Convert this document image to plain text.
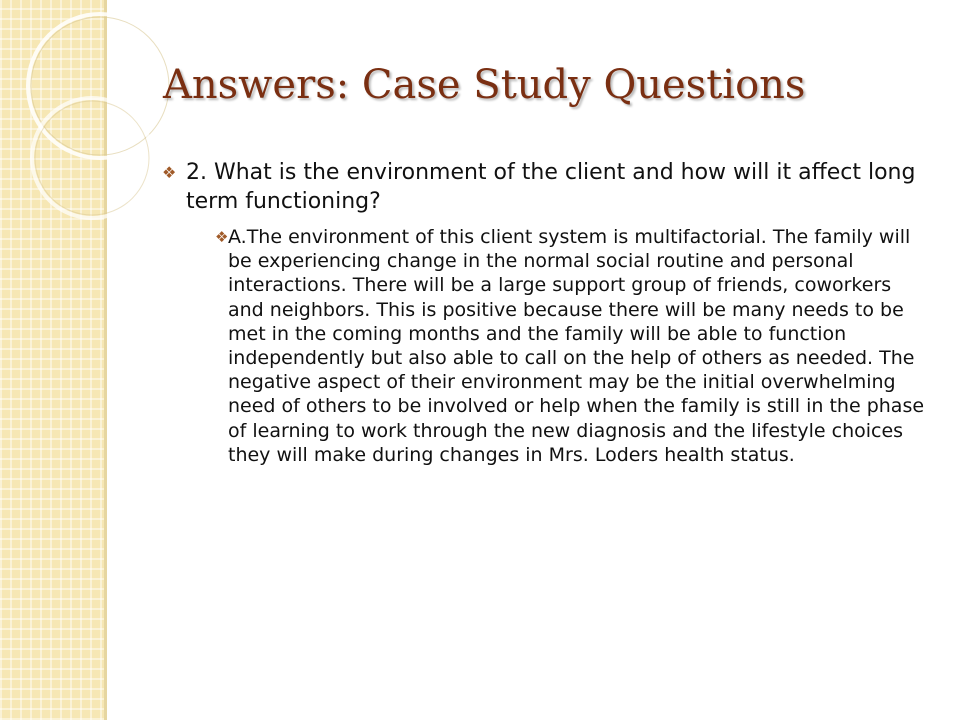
Answers: Case Study Questions
❖ 2. What is the environment of the client and how will it affect long term functioning?
❖ A.The environment of this client system is multifactorial. The family will be experiencing change in the normal social routine and personal interactions. There will be a large support group of friends, coworkers and neighbors. This is positive because there will be many needs to be met in the coming months and the family will be able to function independently but also able to call on the help of others as needed. The negative aspect of their environment may be the initial overwhelming need of others to be involved or help when the family is still in the phase of learning to work through the new diagnosis and the lifestyle choices they will make during changes in Mrs. Loders health status.
